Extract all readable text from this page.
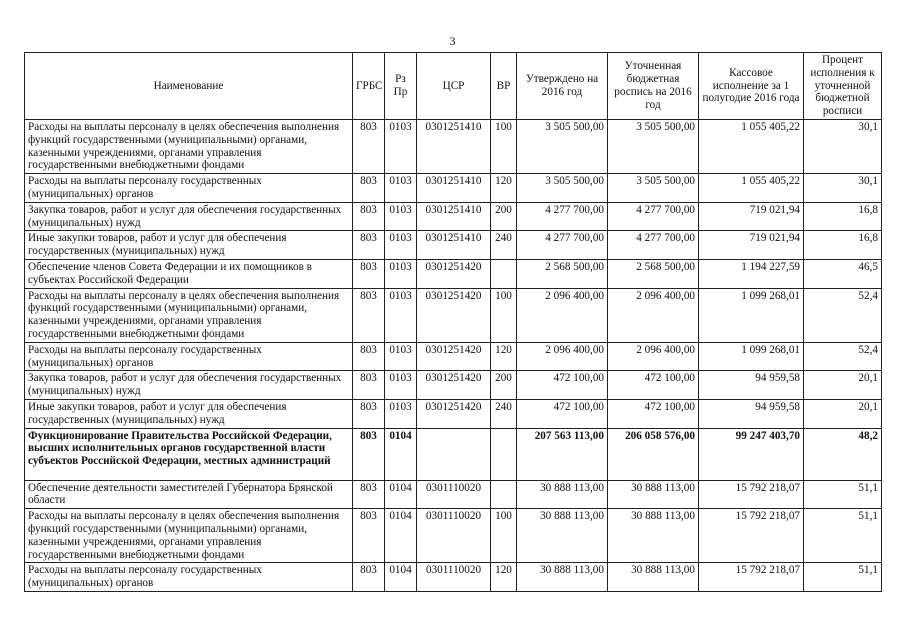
3
Наименование	ГРБС	Рз Пр	ЦСР	ВР	Утверждено на 2016 год	Уточненная бюджетная роспись на 2016 год	Кассовое исполнение за 1 полугодие 2016 года	Процент исполнения к уточненной бюджетной росписи
Расходы на выплаты персоналу в целях обеспечения выполнения функций государственными (муниципальными) органами, казенными учреждениями, органами управления государственными внебюджетными фондами	803	0103	0301251410	100	3 505 500,00	3 505 500,00	1 055 405,22	30,1
Расходы на выплаты персоналу государственных (муниципальных) органов	803	0103	0301251410	120	3 505 500,00	3 505 500,00	1 055 405,22	30,1
Закупка товаров, работ и услуг для обеспечения государственных (муниципальных) нужд	803	0103	0301251410	200	4 277 700,00	4 277 700,00	719 021,94	16,8
Иные закупки товаров, работ и услуг для обеспечения государственных (муниципальных) нужд	803	0103	0301251410	240	4 277 700,00	4 277 700,00	719 021,94	16,8
Обеспечение членов Совета Федерации и их помощников в субъектах Российской Федерации	803	0103	0301251420		2 568 500,00	2 568 500,00	1 194 227,59	46,5
Расходы на выплаты персоналу в целях обеспечения выполнения функций государственными (муниципальными) органами, казенными учреждениями, органами управления государственными внебюджетными фондами	803	0103	0301251420	100	2 096 400,00	2 096 400,00	1 099 268,01	52,4
Расходы на выплаты персоналу государственных (муниципальных) органов	803	0103	0301251420	120	2 096 400,00	2 096 400,00	1 099 268,01	52,4
Закупка товаров, работ и услуг для обеспечения государственных (муниципальных) нужд	803	0103	0301251420	200	472 100,00	472 100,00	94 959,58	20,1
Иные закупки товаров, работ и услуг для обеспечения государственных (муниципальных) нужд	803	0103	0301251420	240	472 100,00	472 100,00	94 959,58	20,1
Функционирование Правительства Российской Федерации, высших исполнительных органов государственной власти субъектов Российской Федерации, местных администраций	803	0104			207 563 113,00	206 058 576,00	99 247 403,70	48,2
Обеспечение деятельности заместителей Губернатора Брянской области	803	0104	0301110020		30 888 113,00	30 888 113,00	15 792 218,07	51,1
Расходы на выплаты персоналу в целях обеспечения выполнения функций государственными (муниципальными) органами, казенными учреждениями, органами управления государственными внебюджетными фондами	803	0104	0301110020	100	30 888 113,00	30 888 113,00	15 792 218,07	51,1
Расходы на выплаты персоналу государственных (муниципальных) органов	803	0104	0301110020	120	30 888 113,00	30 888 113,00	15 792 218,07	51,1
